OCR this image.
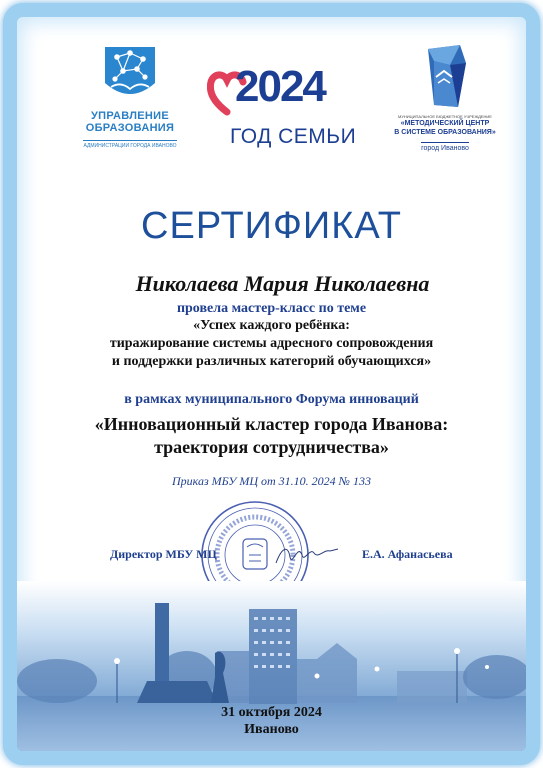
УПРАВЛЕНИЕ
ОБРАЗОВАНИЯ
АДМИНИСТРАЦИИ ГОРОДА ИВАНОВО
2024
ГОД СЕМЬИ
МУНИЦИПАЛЬНОЕ БЮДЖЕТНОЕ УЧРЕЖДЕНИЕ
«МЕТОДИЧЕСКИЙ ЦЕНТР
В СИСТЕМЕ ОБРАЗОВАНИЯ»
город Иваново
СЕРТИФИКАТ
Николаева Мария Николаевна
провела мастер-класс по теме
«Успех каждого ребёнка:
тиражирование системы адресного сопровождения
и поддержки различных категорий обучающихся»
в рамках муниципального Форума инноваций
«Инновационный кластер города Иванова:
траектория сотрудничества»
Приказ МБУ МЦ от 31.10. 2024 № 133
Директор МБУ МЦ	Е.А. Афанасьева
31 октября 2024
Иваново
